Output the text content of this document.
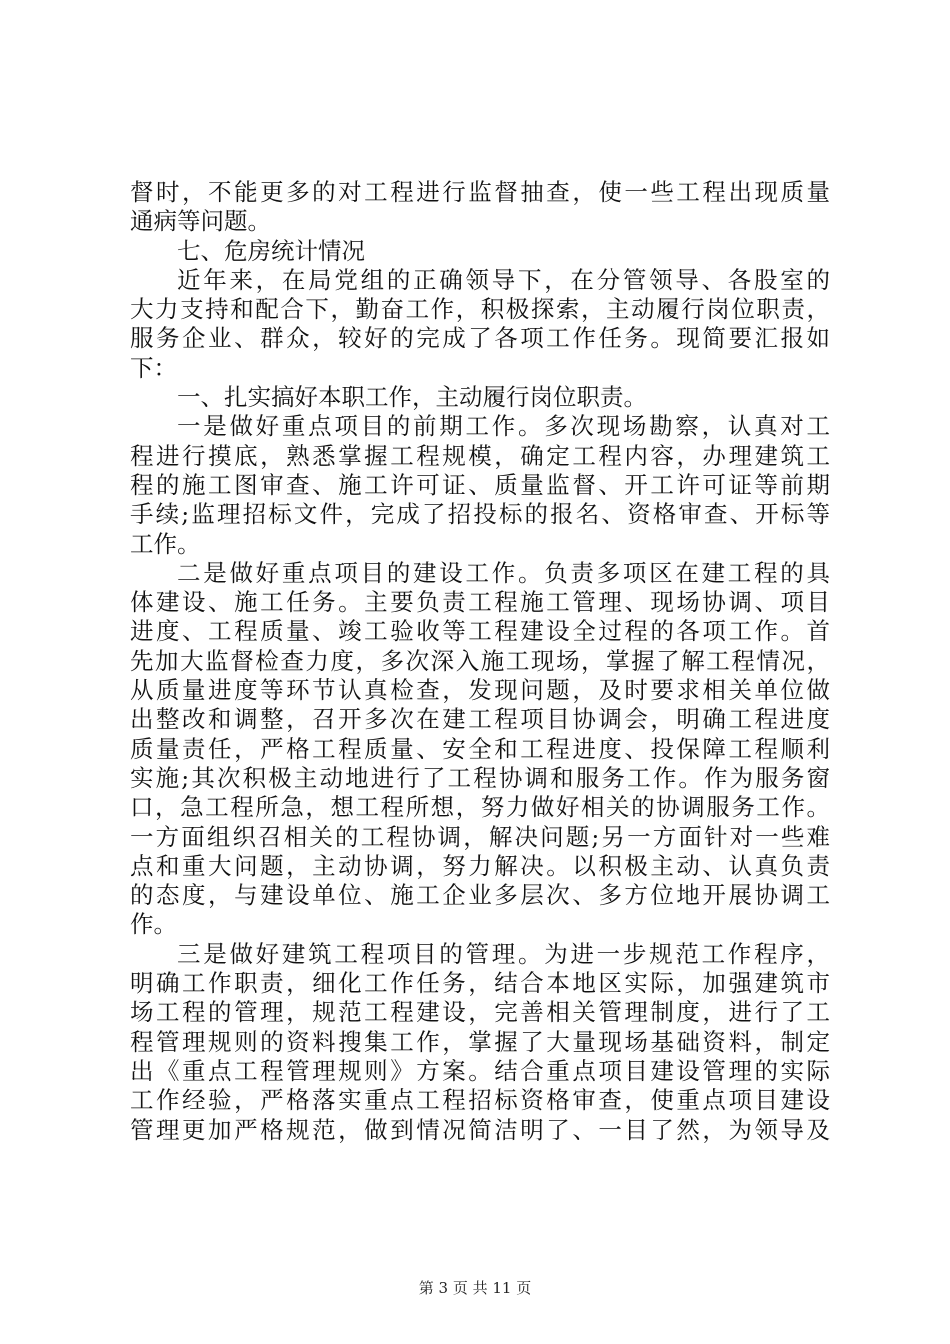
督时，不能更多的对工程进行监督抽查，使一些工程出现质量
通病等问题。
七、危房统计情况
近年来，在局党组的正确领导下，在分管领导、各股室的
大力支持和配合下，勤奋工作，积极探索，主动履行岗位职责，
服务企业、群众，较好的完成了各项工作任务。现简要汇报如
下：
一、扎实搞好本职工作，主动履行岗位职责。
一是做好重点项目的前期工作。多次现场勘察，认真对工
程进行摸底，熟悉掌握工程规模，确定工程内容，办理建筑工
程的施工图审查、施工许可证、质量监督、开工许可证等前期
手续;监理招标文件，完成了招投标的报名、资格审查、开标等
工作。
二是做好重点项目的建设工作。负责多项区在建工程的具
体建设、施工任务。主要负责工程施工管理、现场协调、项目
进度、工程质量、竣工验收等工程建设全过程的各项工作。首
先加大监督检查力度，多次深入施工现场，掌握了解工程情况，
从质量进度等环节认真检查，发现问题，及时要求相关单位做
出整改和调整，召开多次在建工程项目协调会，明确工程进度
质量责任，严格工程质量、安全和工程进度、投保障工程顺利
实施;其次积极主动地进行了工程协调和服务工作。作为服务窗
口，急工程所急，想工程所想，努力做好相关的协调服务工作。
一方面组织召相关的工程协调，解决问题;另一方面针对一些难
点和重大问题，主动协调，努力解决。以积极主动、认真负责
的态度，与建设单位、施工企业多层次、多方位地开展协调工
作。
三是做好建筑工程项目的管理。为进一步规范工作程序，
明确工作职责，细化工作任务，结合本地区实际，加强建筑市
场工程的管理，规范工程建设，完善相关管理制度，进行了工
程管理规则的资料搜集工作，掌握了大量现场基础资料，制定
出《重点工程管理规则》方案。结合重点项目建设管理的实际
工作经验，严格落实重点工程招标资格审查，使重点项目建设
管理更加严格规范，做到情况简洁明了、一目了然，为领导及
第 3 页 共 11 页
